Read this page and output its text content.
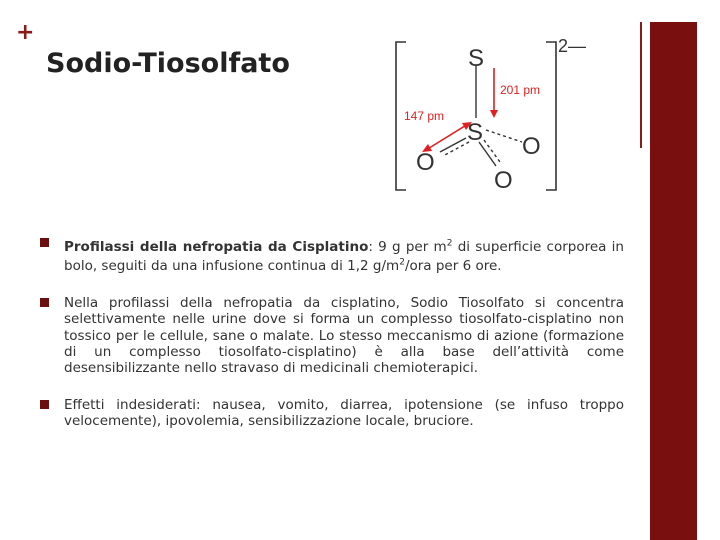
+
Sodio-Tiosolfato	S
S
O
O
O
2—
201 pm
147 pm
Profilassi della nefropatia da Cisplatino: 9 g per $m^2$ di superficie corporea in bolo, seguiti da una infusione continua di 1,2 $g/m^2$/ora per 6 ore.
Nella profilassi della nefropatia da cisplatino, Sodio Tiosolfato si concentra selettivamente nelle urine dove si forma un complesso tiosolfato-cisplatino non tossico per le cellule, sane o malate. Lo stesso meccanismo di azione (formazione di un complesso tiosolfato-cisplatino) è alla base dell’attività come desensibilizzante nello stravaso di medicinali chemioterapici.
Effetti indesiderati: nausea, vomito, diarrea, ipotensione (se infuso troppo velocemente), ipovolemia, sensibilizzazione locale, bruciore.
